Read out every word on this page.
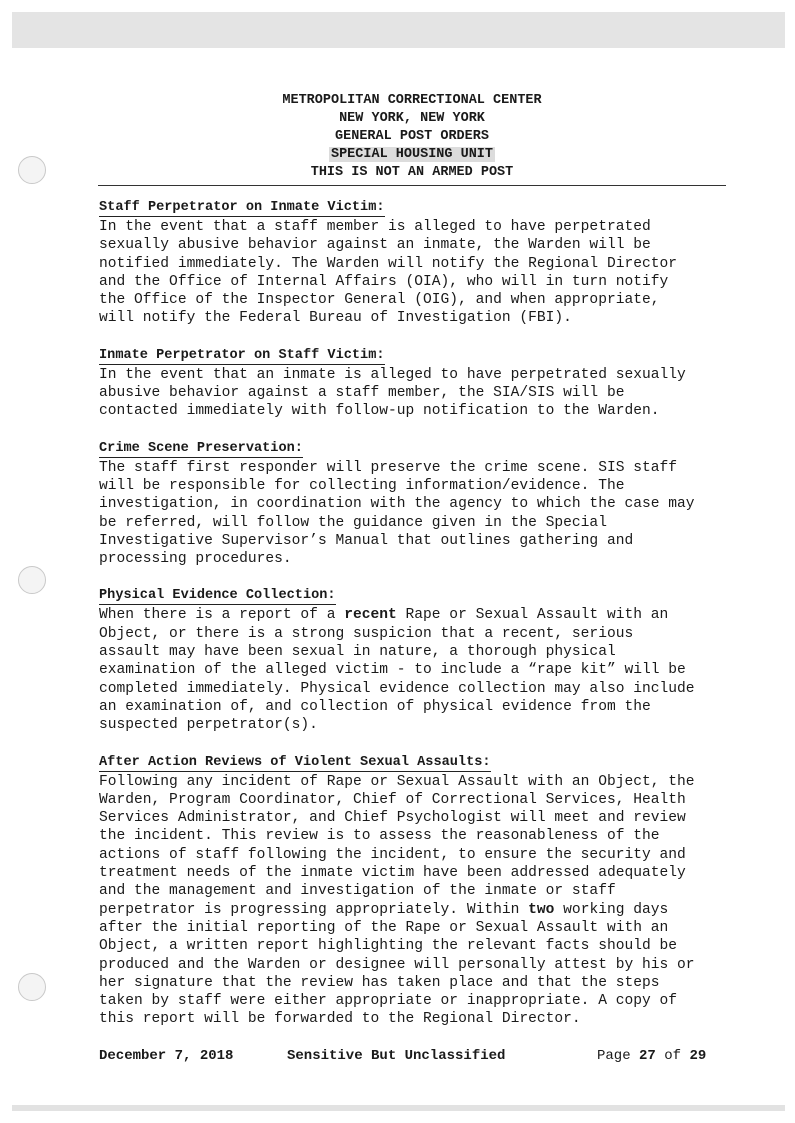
METROPOLITAN CORRECTIONAL CENTER
NEW YORK, NEW YORK
GENERAL POST ORDERS
SPECIAL HOUSING UNIT
THIS IS NOT AN ARMED POST
Staff Perpetrator on Inmate Victim:
In the event that a staff member is alleged to have perpetrated
sexually abusive behavior against an inmate, the Warden will be
notified immediately. The Warden will notify the Regional Director
and the Office of Internal Affairs (OIA), who will in turn notify
the Office of the Inspector General (OIG), and when appropriate,
will notify the Federal Bureau of Investigation (FBI).
Inmate Perpetrator on Staff Victim:
In the event that an inmate is alleged to have perpetrated sexually
abusive behavior against a staff member, the SIA/SIS will be
contacted immediately with follow-up notification to the Warden.
Crime Scene Preservation:
The staff first responder will preserve the crime scene. SIS staff
will be responsible for collecting information/evidence. The
investigation, in coordination with the agency to which the case may
be referred, will follow the guidance given in the Special
Investigative Supervisor’s Manual that outlines gathering and
processing procedures.
Physical Evidence Collection:
When there is a report of a recent Rape or Sexual Assault with an
Object, or there is a strong suspicion that a recent, serious
assault may have been sexual in nature, a thorough physical
examination of the alleged victim - to include a “rape kit” will be
completed immediately. Physical evidence collection may also include
an examination of, and collection of physical evidence from the
suspected perpetrator(s).
After Action Reviews of Violent Sexual Assaults:
Following any incident of Rape or Sexual Assault with an Object, the
Warden, Program Coordinator, Chief of Correctional Services, Health
Services Administrator, and Chief Psychologist will meet and review
the incident. This review is to assess the reasonableness of the
actions of staff following the incident, to ensure the security and
treatment needs of the inmate victim have been addressed adequately
and the management and investigation of the inmate or staff
perpetrator is progressing appropriately. Within two working days
after the initial reporting of the Rape or Sexual Assault with an
Object, a written report highlighting the relevant facts should be
produced and the Warden or designee will personally attest by his or
her signature that the review has taken place and that the steps
taken by staff were either appropriate or inappropriate. A copy of
this report will be forwarded to the Regional Director.
December 7, 2018	Sensitive But Unclassified	Page 27 of 29
